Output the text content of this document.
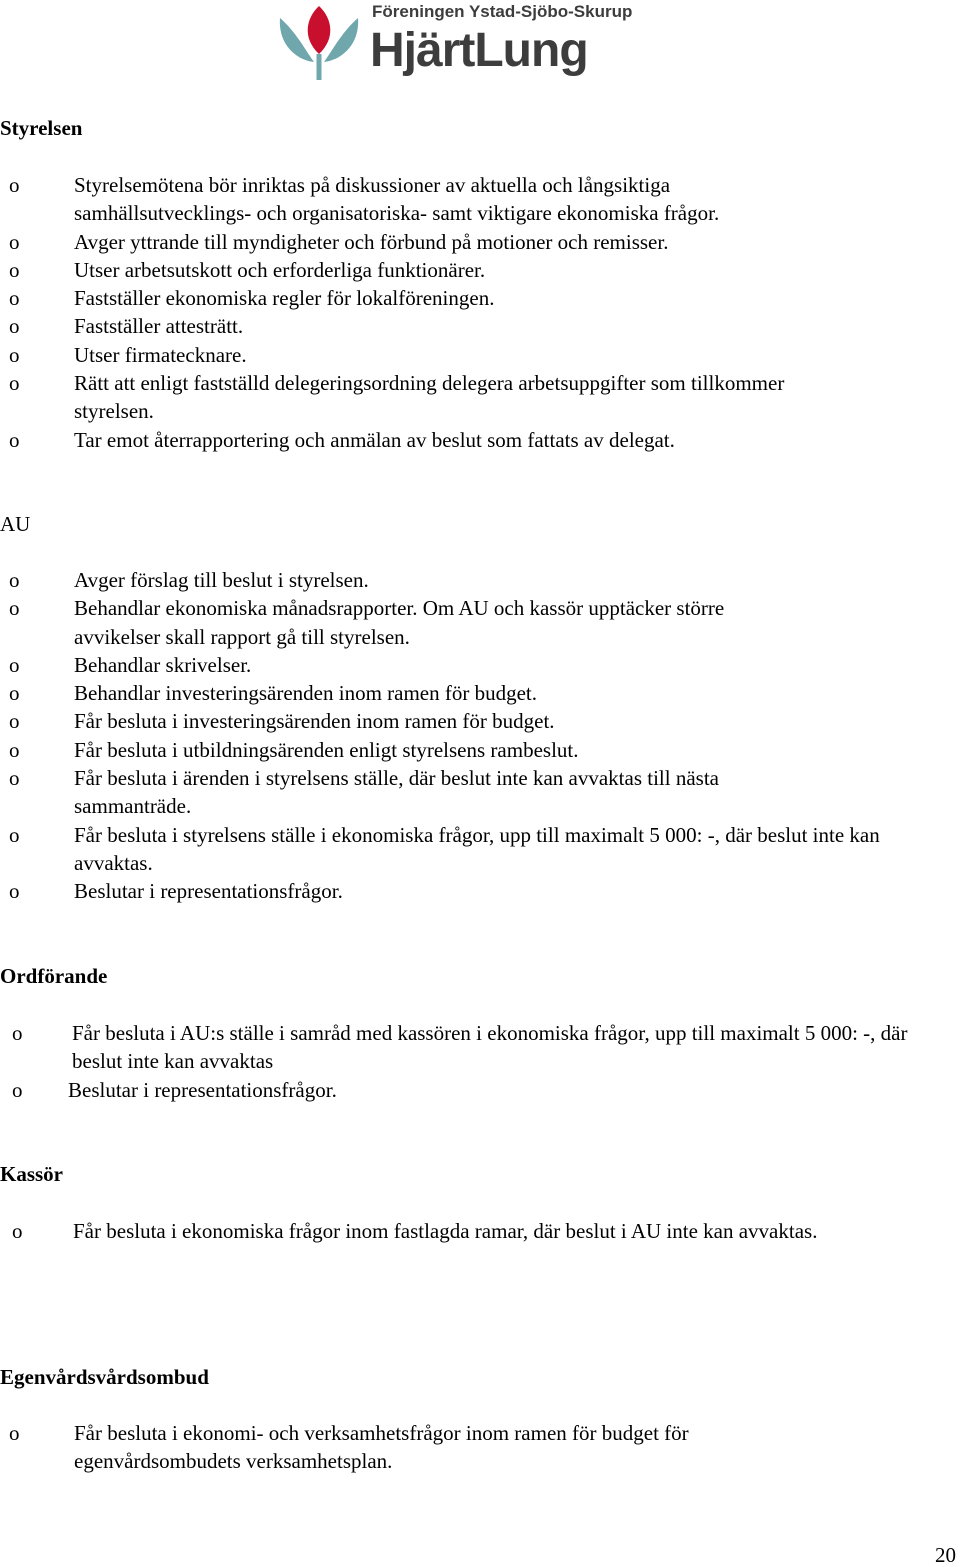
Föreningen Ystad-Sjöbo-Skurup
HjärtLung
Styrelsen
o	Styrelsemötena bör inriktas på diskussioner av aktuella och långsiktiga samhällsutvecklings- och organisatoriska- samt viktigare ekonomiska frågor.
o	Avger yttrande till myndigheter och förbund på motioner och remisser.
o	Utser arbetsutskott och erforderliga funktionärer.
o	Fastställer ekonomiska regler för lokalföreningen.
o	Fastställer attesträtt.
o	Utser firmatecknare.
o	Rätt att enligt fastställd delegeringsordning delegera arbetsuppgifter som tillkommer styrelsen.
o	Tar emot återrapportering och anmälan av beslut som fattats av delegat.
AU
o	Avger förslag till beslut i styrelsen.
o	Behandlar ekonomiska månadsrapporter. Om AU och kassör upptäcker större avvikelser skall rapport gå till styrelsen.
o	Behandlar skrivelser.
o	Behandlar investeringsärenden inom ramen för budget.
o	Får besluta i investeringsärenden inom ramen för budget.
o	Får besluta i utbildningsärenden enligt styrelsens rambeslut.
o	Får besluta i ärenden i styrelsens ställe, där beslut inte kan avvaktas till nästa sammanträde.
o	Får besluta i styrelsens ställe i ekonomiska frågor, upp till maximalt 5 000: -, där beslut inte kan avvaktas.
o	Beslutar i representationsfrågor.
Ordförande
o Får besluta i AU:s ställe i samråd med kassören i ekonomiska frågor, upp till maximalt 5 000: -, där beslut inte kan avvaktas
o Beslutar i representationsfrågor.
Kassör
o Får besluta i ekonomiska frågor inom fastlagda ramar, där beslut i AU inte kan avvaktas.
Egenvårdsvårdsombud
o	Får besluta i ekonomi- och verksamhetsfrågor inom ramen för budget för egenvårdsombudets verksamhetsplan.
20
